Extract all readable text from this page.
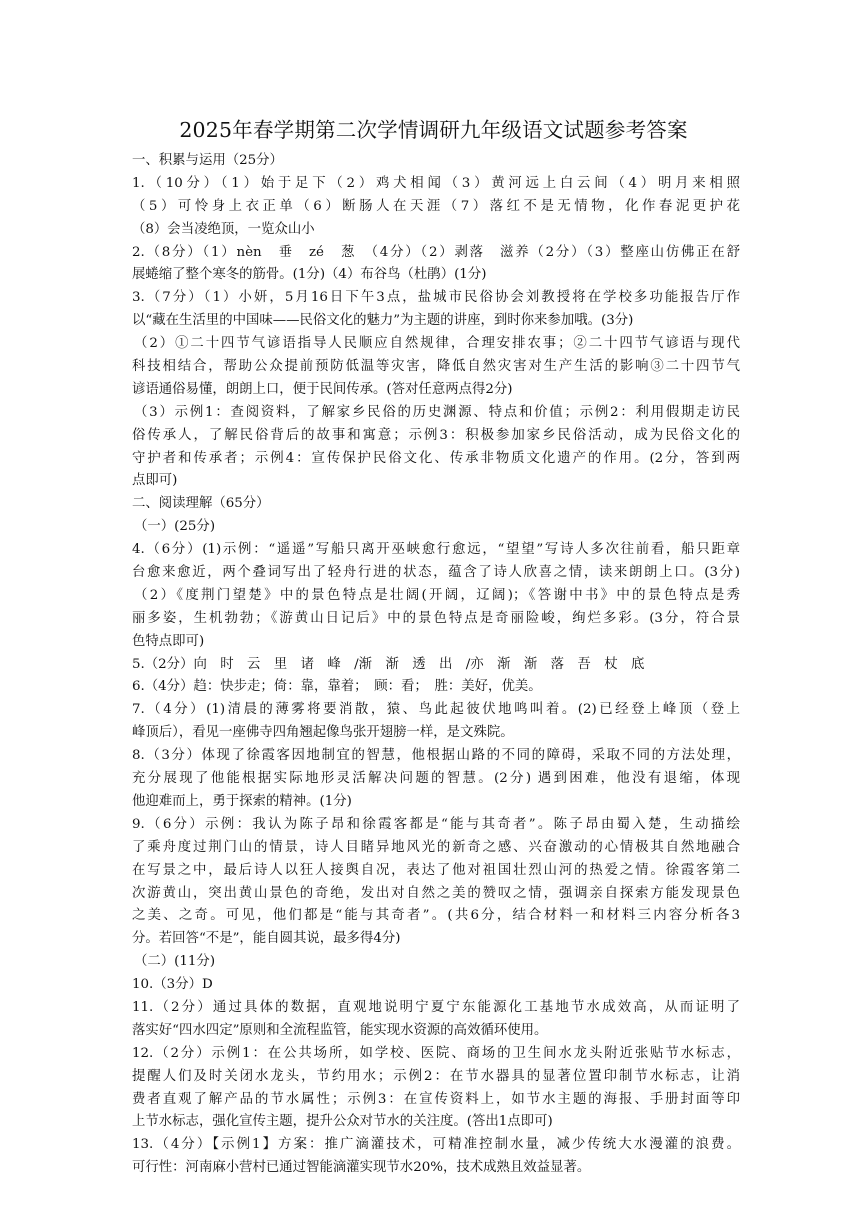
2025年春学期第二次学情调研九年级语文试题参考答案
一、积累与运用（25分）
1.（10分）（1）始于足下（2）鸡犬相闻（3）黄河远上白云间（4）明月来相照
（5）可怜身上衣正单（6）断肠人在天涯（7）落红不是无情物，化作春泥更护花
（8）会当凌绝顶，一览众山小
2.（8分）（1）nèn　垂　zé　葱　（4分）（2）剥落　滋养（2分）（3）整座山仿佛正在舒
展蜷缩了整个寒冬的筋骨。(1分)（4）布谷鸟（杜鹃）(1分)
3.（7分）（1）小妍，5月16日下午3点，盐城市民俗协会刘教授将在学校多功能报告厅作
以“藏在生活里的中国味——民俗文化的魅力”为主题的讲座，到时你来参加哦。(3分)
（2）①二十四节气谚语指导人民顺应自然规律，合理安排农事；②二十四节气谚语与现代
科技相结合，帮助公众提前预防低温等灾害，降低自然灾害对生产生活的影响③二十四节气
谚语通俗易懂，朗朗上口，便于民间传承。(答对任意两点得2分)
（3）示例1：查阅资料，了解家乡民俗的历史渊源、特点和价值；示例2：利用假期走访民
俗传承人，了解民俗背后的故事和寓意；示例3：积极参加家乡民俗活动，成为民俗文化的
守护者和传承者；示例4：宣传保护民俗文化、传承非物质文化遗产的作用。(2分，答到两
点即可)
二、阅读理解（65分）
（一）(25分)
4.（6分）(1)示例：“遥遥”写船只离开巫峡愈行愈远，“望望”写诗人多次往前看，船只距章
台愈来愈近，两个叠词写出了轻舟行进的状态，蕴含了诗人欣喜之情，读来朗朗上口。(3分)
（2）《度荆门望楚》中的景色特点是壮阔(开阔，辽阔)；《答谢中书》中的景色特点是秀
丽多姿，生机勃勃；《游黄山日记后》中的景色特点是奇丽险峻，绚烂多彩。(3分，符合景
色特点即可)
5.（2分）向　时　云　里　诸　峰　/渐　渐　透　出　/亦　渐　渐　落　吾　杖　底
6.（4分）趋：快步走；倚：靠，靠着；　顾：看；　胜：美好，优美。
7.（4分）(1)清晨的薄雾将要消散，猿、鸟此起彼伏地鸣叫着。(2)已经登上峰顶（登上
峰顶后），看见一座佛寺四角翘起像鸟张开翅膀一样，是文殊院。
8.（3分）体现了徐霞客因地制宜的智慧，他根据山路的不同的障碍，采取不同的方法处理，
充分展现了他能根据实际地形灵活解决问题的智慧。(2分) 遇到困难，他没有退缩，体现
他迎难而上，勇于探索的精神。(1分)
9.（6分）示例：我认为陈子昂和徐霞客都是“能与其奇者”。陈子昂由蜀入楚，生动描绘
了乘舟度过荆门山的情景，诗人目睹异地风光的新奇之感、兴奋激动的心情极其自然地融合
在写景之中，最后诗人以狂人接舆自况，表达了他对祖国壮烈山河的热爱之情。徐霞客第二
次游黄山，突出黄山景色的奇绝，发出对自然之美的赞叹之情，强调亲自探索方能发现景色
之美、之奇。可见，他们都是“能与其奇者”。(共6分，结合材料一和材料三内容分析各3
分。若回答“不是”，能自圆其说，最多得4分)
（二）(11分)
10.（3分）D
11.（2分）通过具体的数据，直观地说明宁夏宁东能源化工基地节水成效高，从而证明了
落实好“四水四定”原则和全流程监管，能实现水资源的高效循环使用。
12.（2分）示例1：在公共场所，如学校、医院、商场的卫生间水龙头附近张贴节水标志，
提醒人们及时关闭水龙头，节约用水；示例2：在节水器具的显著位置印制节水标志，让消
费者直观了解产品的节水属性；示例3：在宣传资料上，如节水主题的海报、手册封面等印
上节水标志，强化宣传主题，提升公众对节水的关注度。(答出1点即可)
13.（4分）【示例1】方案：推广滴灌技术，可精准控制水量，减少传统大水漫灌的浪费。
可行性：河南麻小营村已通过智能滴灌实现节水20%，技术成熟且效益显著。
